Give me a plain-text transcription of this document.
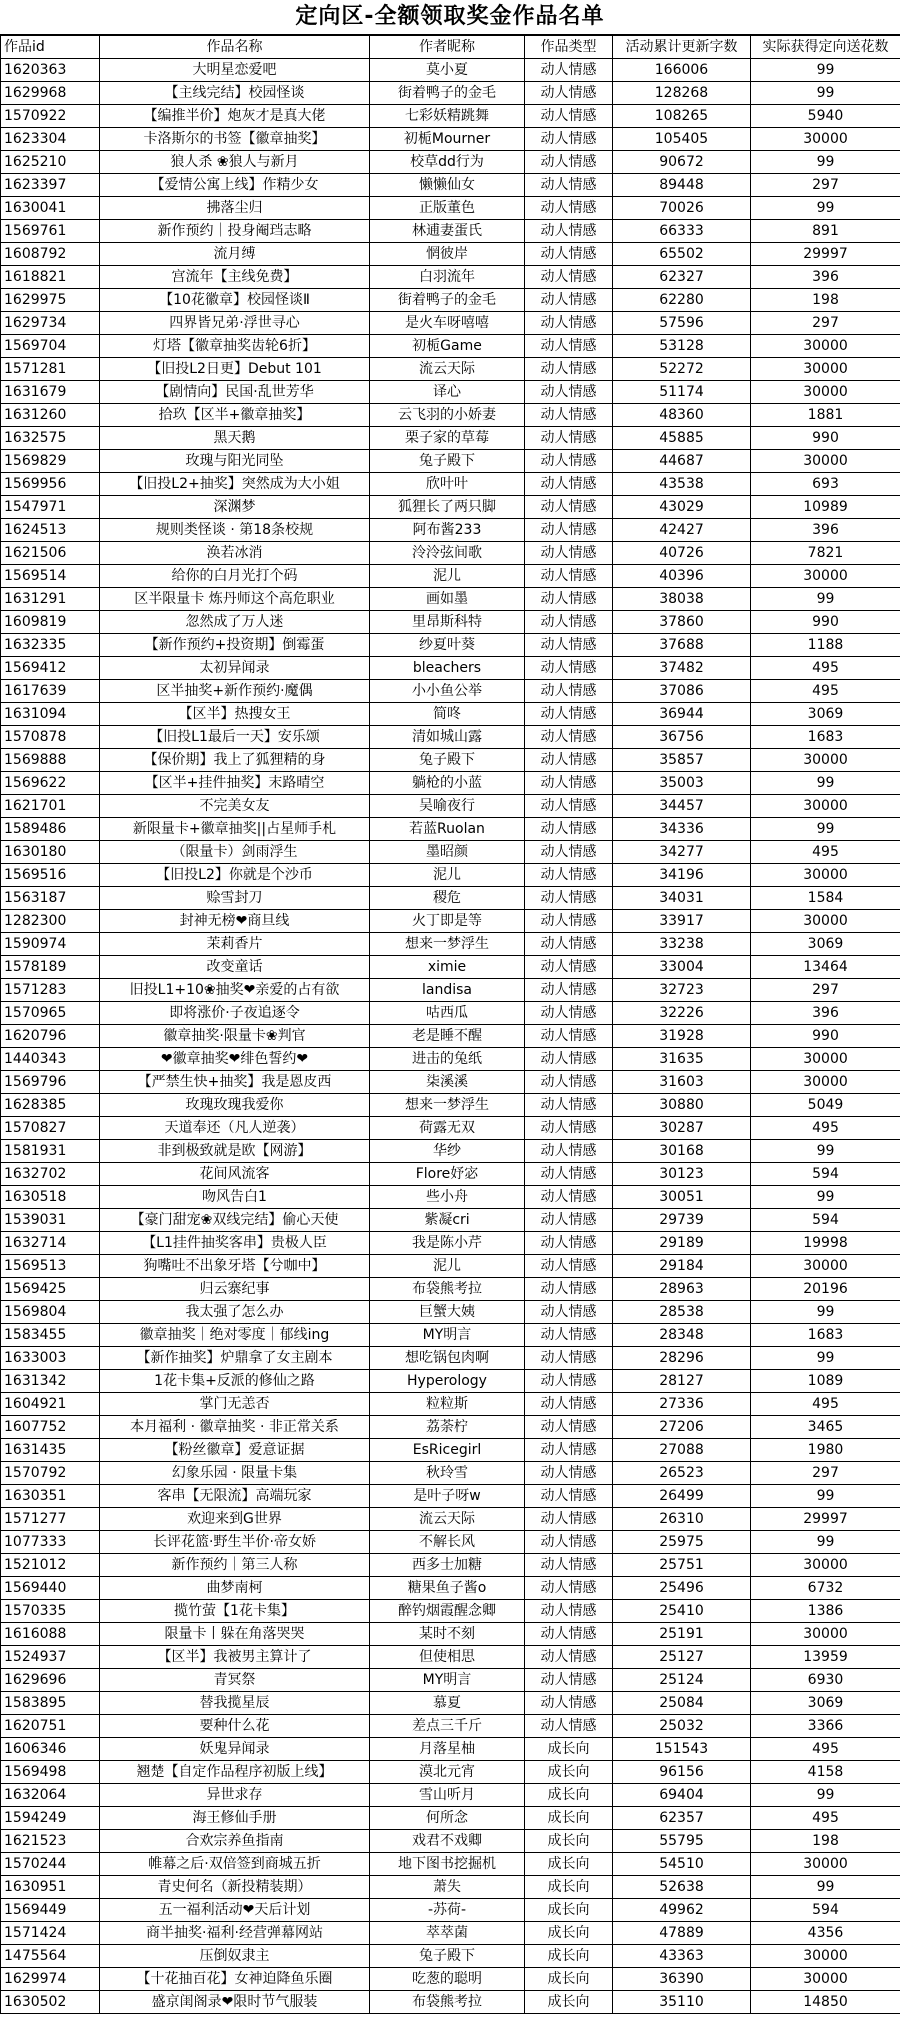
定向区-全额领取奖金作品名单
作品id	作品名称	作者昵称	作品类型	活动累计更新字数	实际获得定向送花数
1620363	大明星恋爱吧	莫小夏	动人情感	166006	99
1629968	【主线完结】校园怪谈	街着鸭子的金毛	动人情感	128268	99
1570922	【编推半价】炮灰才是真大佬	七彩妖精跳舞	动人情感	108265	5940
1623304	卡洛斯尔的书签【徽章抽奖】	初栀Mourner	动人情感	105405	30000
1625210	狼人杀 ❀狼人与新月	校草dd行为	动人情感	90672	99
1623397	【爱情公寓上线】作精少女	懒懒仙女	动人情感	89448	297
1630041	拂落尘归	正版董色	动人情感	70026	99
1569761	新作预约｜投身阉珰志略	林逋妻蛋氏	动人情感	66333	891
1608792	流月缚	惘彼岸	动人情感	65502	29997
1618821	宫流年【主线免费】	白羽流年	动人情感	62327	396
1629975	【10花徽章】校园怪谈Ⅱ	街着鸭子的金毛	动人情感	62280	198
1629734	四界皆兄弟·浮世寻心	是火车呀嘻嘻	动人情感	57596	297
1569704	灯塔【徽章抽奖齿轮6折】	初栀Game	动人情感	53128	30000
1571281	【旧投L2日更】Debut 101	流云天际	动人情感	52272	30000
1631679	【剧情向】民国·乱世芳华	译心	动人情感	51174	30000
1631260	拾玖【区半+徽章抽奖】	云飞羽的小娇妻	动人情感	48360	1881
1632575	黑天鹅	栗子家的草莓	动人情感	45885	990
1569829	玫瑰与阳光同坠	兔子殿下	动人情感	44687	30000
1569956	【旧投L2+抽奖】突然成为大小姐	欣叶叶	动人情感	43538	693
1547971	深渊梦	狐狸长了两只脚	动人情感	43029	10989
1624513	规则类怪谈 · 第18条校规	阿布酱233	动人情感	42427	396
1621506	涣若冰消	泠泠弦间歌	动人情感	40726	7821
1569514	给你的白月光打个码	泥儿	动人情感	40396	30000
1631291	区半限量卡 炼丹师这个高危职业	画如墨	动人情感	38038	99
1609819	忽然成了万人迷	里昂斯科特	动人情感	37860	990
1632335	【新作预约+投资期】倒霉蛋	纱夏叶葵	动人情感	37688	1188
1569412	太初异闻录	bleachers	动人情感	37482	495
1617639	区半抽奖+新作预约·魔偶	小小鱼公举	动人情感	37086	495
1631094	【区半】热搜女王	简咚	动人情感	36944	3069
1570878	【旧投L1最后一天】安乐颂	清如城山露	动人情感	36756	1683
1569888	【保价期】我上了狐狸精的身	兔子殿下	动人情感	35857	30000
1569622	【区半+挂件抽奖】末路晴空	躺枪的小蓝	动人情感	35003	99
1621701	不完美女友	吴喻夜行	动人情感	34457	30000
1589486	新限量卡+徽章抽奖||占星师手札	若蓝Ruolan	动人情感	34336	99
1630180	（限量卡）剑雨浮生	墨昭颜	动人情感	34277	495
1569516	【旧投L2】你就是个沙币	泥儿	动人情感	34196	30000
1563187	赊雪封刀	稷危	动人情感	34031	1584
1282300	封神无榜❤商旦线	火丁即是等	动人情感	33917	30000
1590974	茉莉香片	想来一梦浮生	动人情感	33238	3069
1578189	改变童话	ximie	动人情感	33004	13464
1571283	旧投L1+10❀抽奖❤亲爱的占有欲	landisa	动人情感	32723	297
1570965	即将涨价·子夜追逐令	咕西瓜	动人情感	32226	396
1620796	徽章抽奖·限量卡❀判官	老是睡不醒	动人情感	31928	990
1440343	❤徽章抽奖❤绯色誓约❤	进击的兔纸	动人情感	31635	30000
1569796	【严禁生快+抽奖】我是恩皮西	柒溪溪	动人情感	31603	30000
1628385	玫瑰玫瑰我爱你	想来一梦浮生	动人情感	30880	5049
1570827	天道奉还（凡人逆袭）	荷露无双	动人情感	30287	495
1581931	非到极致就是欧【网游】	华纱	动人情感	30168	99
1632702	花间风流客	Flore妤宓	动人情感	30123	594
1630518	吻风告白1	些小舟	动人情感	30051	99
1539031	【豪门甜宠❀双线完结】偷心天使	紫凝cri	动人情感	29739	594
1632714	【L1挂件抽奖客串】贵极人臣	我是陈小芹	动人情感	29189	19998
1569513	狗嘴吐不出象牙塔【兮咖中】	泥儿	动人情感	29184	30000
1569425	归云寨纪事	布袋熊考拉	动人情感	28963	20196
1569804	我太强了怎么办	巨蟹大姨	动人情感	28538	99
1583455	徽章抽奖｜绝对零度｜郁线ing	MY明言	动人情感	28348	1683
1633003	【新作抽奖】炉鼎拿了女主剧本	想吃锅包肉啊	动人情感	28296	99
1631342	1花卡集+反派的修仙之路	Hyperology	动人情感	28127	1089
1604921	掌门无恙否	粒粒斯	动人情感	27336	495
1607752	本月福利 · 徽章抽奖 · 非正常关系	荔荼柠	动人情感	27206	3465
1631435	【粉丝徽章】爱意证据	EsRicegirl	动人情感	27088	1980
1570792	幻象乐园 · 限量卡集	秋玲雪	动人情感	26523	297
1630351	客串【无限流】高端玩家	是叶子呀w	动人情感	26499	99
1571277	欢迎来到G世界	流云天际	动人情感	26310	29997
1077333	长评花篮·野生半价·帝女娇	不解长风	动人情感	25975	99
1521012	新作预约｜第三人称	西多士加糖	动人情感	25751	30000
1569440	曲梦南柯	糖果鱼子酱o	动人情感	25496	6732
1570335	揽竹萤【1花卡集】	醉钓烟霞醒念卿	动人情感	25410	1386
1616088	限量卡丨躲在角落哭哭	某时不刻	动人情感	25191	30000
1524937	【区半】我被男主算计了	但使相思	动人情感	25127	13959
1629696	青冥祭	MY明言	动人情感	25124	6930
1583895	替我揽星辰	慕夏	动人情感	25084	3069
1620751	要种什么花	差点三千斤	动人情感	25032	3366
1606346	妖鬼异闻录	月落星柚	成长向	151543	495
1569498	翘楚【自定作品程序初版上线】	漠北元宵	成长向	96156	4158
1632064	异世求存	雪山听月	成长向	69404	99
1594249	海王修仙手册	何所念	成长向	62357	495
1621523	合欢宗养鱼指南	戏君不戏卿	成长向	55795	198
1570244	帷幕之后·双倍签到商城五折	地下图书挖掘机	成长向	54510	30000
1630951	青史何名（新投精装期）	萧失	成长向	52638	99
1569449	五一福利活动❤天后计划	-苏荷-	成长向	49962	594
1571424	商半抽奖·福利·经营弹幕网站	萃萃菌	成长向	47889	4356
1475564	压倒奴隶主	兔子殿下	成长向	43363	30000
1629974	【十花抽百花】女神迫降鱼乐圈	吃葱的聪明	成长向	36390	30000
1630502	盛京闺阁录❤限时节气服装	布袋熊考拉	成长向	35110	14850
